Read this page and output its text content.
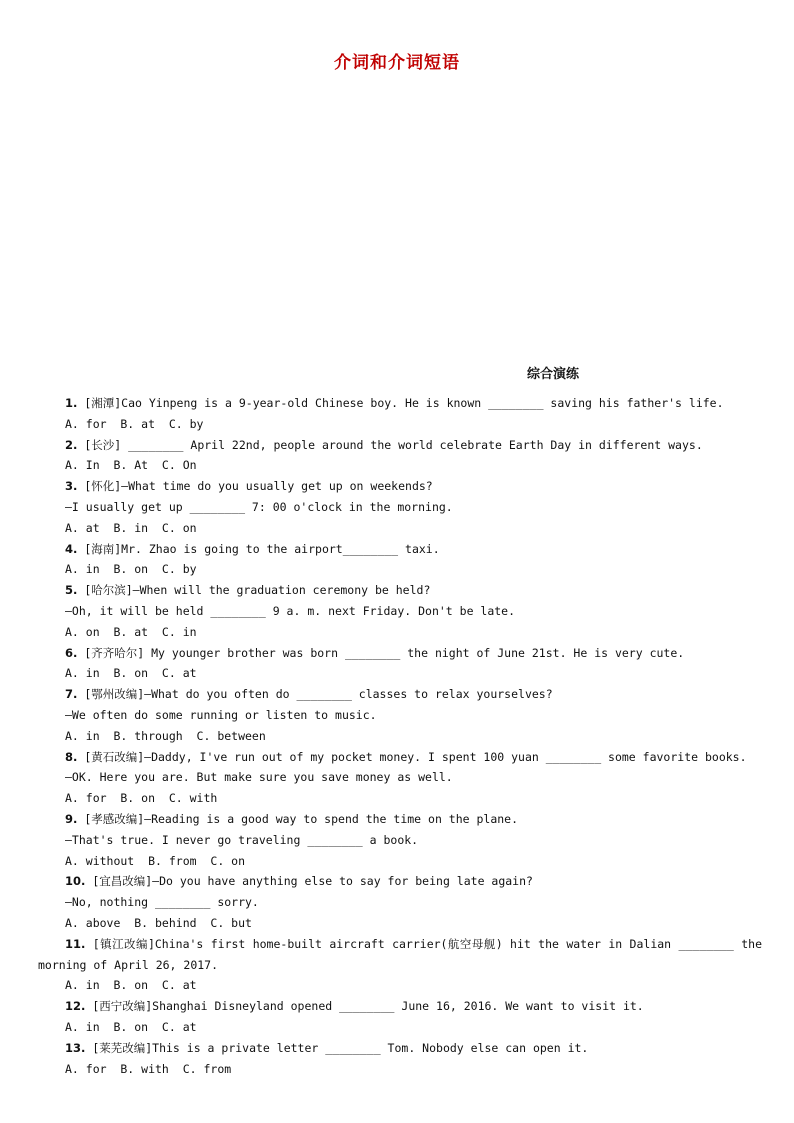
介词和介词短语
综合演练
1. [湘潭]Cao Yinpeng is a 9-year-old Chinese boy. He is known ________ saving his father's life.
A. for  B. at  C. by
2. [长沙] ________ April 22nd, people around the world celebrate Earth Day in different ways.
A. In  B. At  C. On
3. [怀化]—What time do you usually get up on weekends?
—I usually get up ________ 7: 00 o'clock in the morning.
A. at  B. in  C. on
4. [海南]Mr. Zhao is going to the airport________ taxi.
A. in  B. on  C. by
5. [哈尔滨]—When will the graduation ceremony be held?
—Oh, it will be held ________ 9 a. m. next Friday. Don't be late.
A. on  B. at  C. in
6. [齐齐哈尔] My younger brother was born ________ the night of June 21st. He is very cute.
A. in  B. on  C. at
7. [鄂州改编]—What do you often do ________ classes to relax yourselves?
—We often do some running or listen to music.
A. in  B. through  C. between
8. [黄石改编]—Daddy, I've run out of my pocket money. I spent 100 yuan ________ some favorite books.
—OK. Here you are. But make sure you save money as well.
A. for  B. on  C. with
9. [孝感改编]—Reading is a good way to spend the time on the plane.
—That's true. I never go traveling ________ a book.
A. without  B. from  C. on
10. [宜昌改编]—Do you have anything else to say for being late again?
—No, nothing ________ sorry.
A. above  B. behind  C. but
11. [镇江改编]China's first home-built aircraft carrier(航空母舰) hit the water in Dalian ________ the morning of April 26, 2017.
A. in  B. on  C. at
12. [西宁改编]Shanghai Disneyland opened ________ June 16, 2016. We want to visit it.
A. in  B. on  C. at
13. [莱芜改编]This is a private letter ________ Tom. Nobody else can open it.
A. for  B. with  C. from
